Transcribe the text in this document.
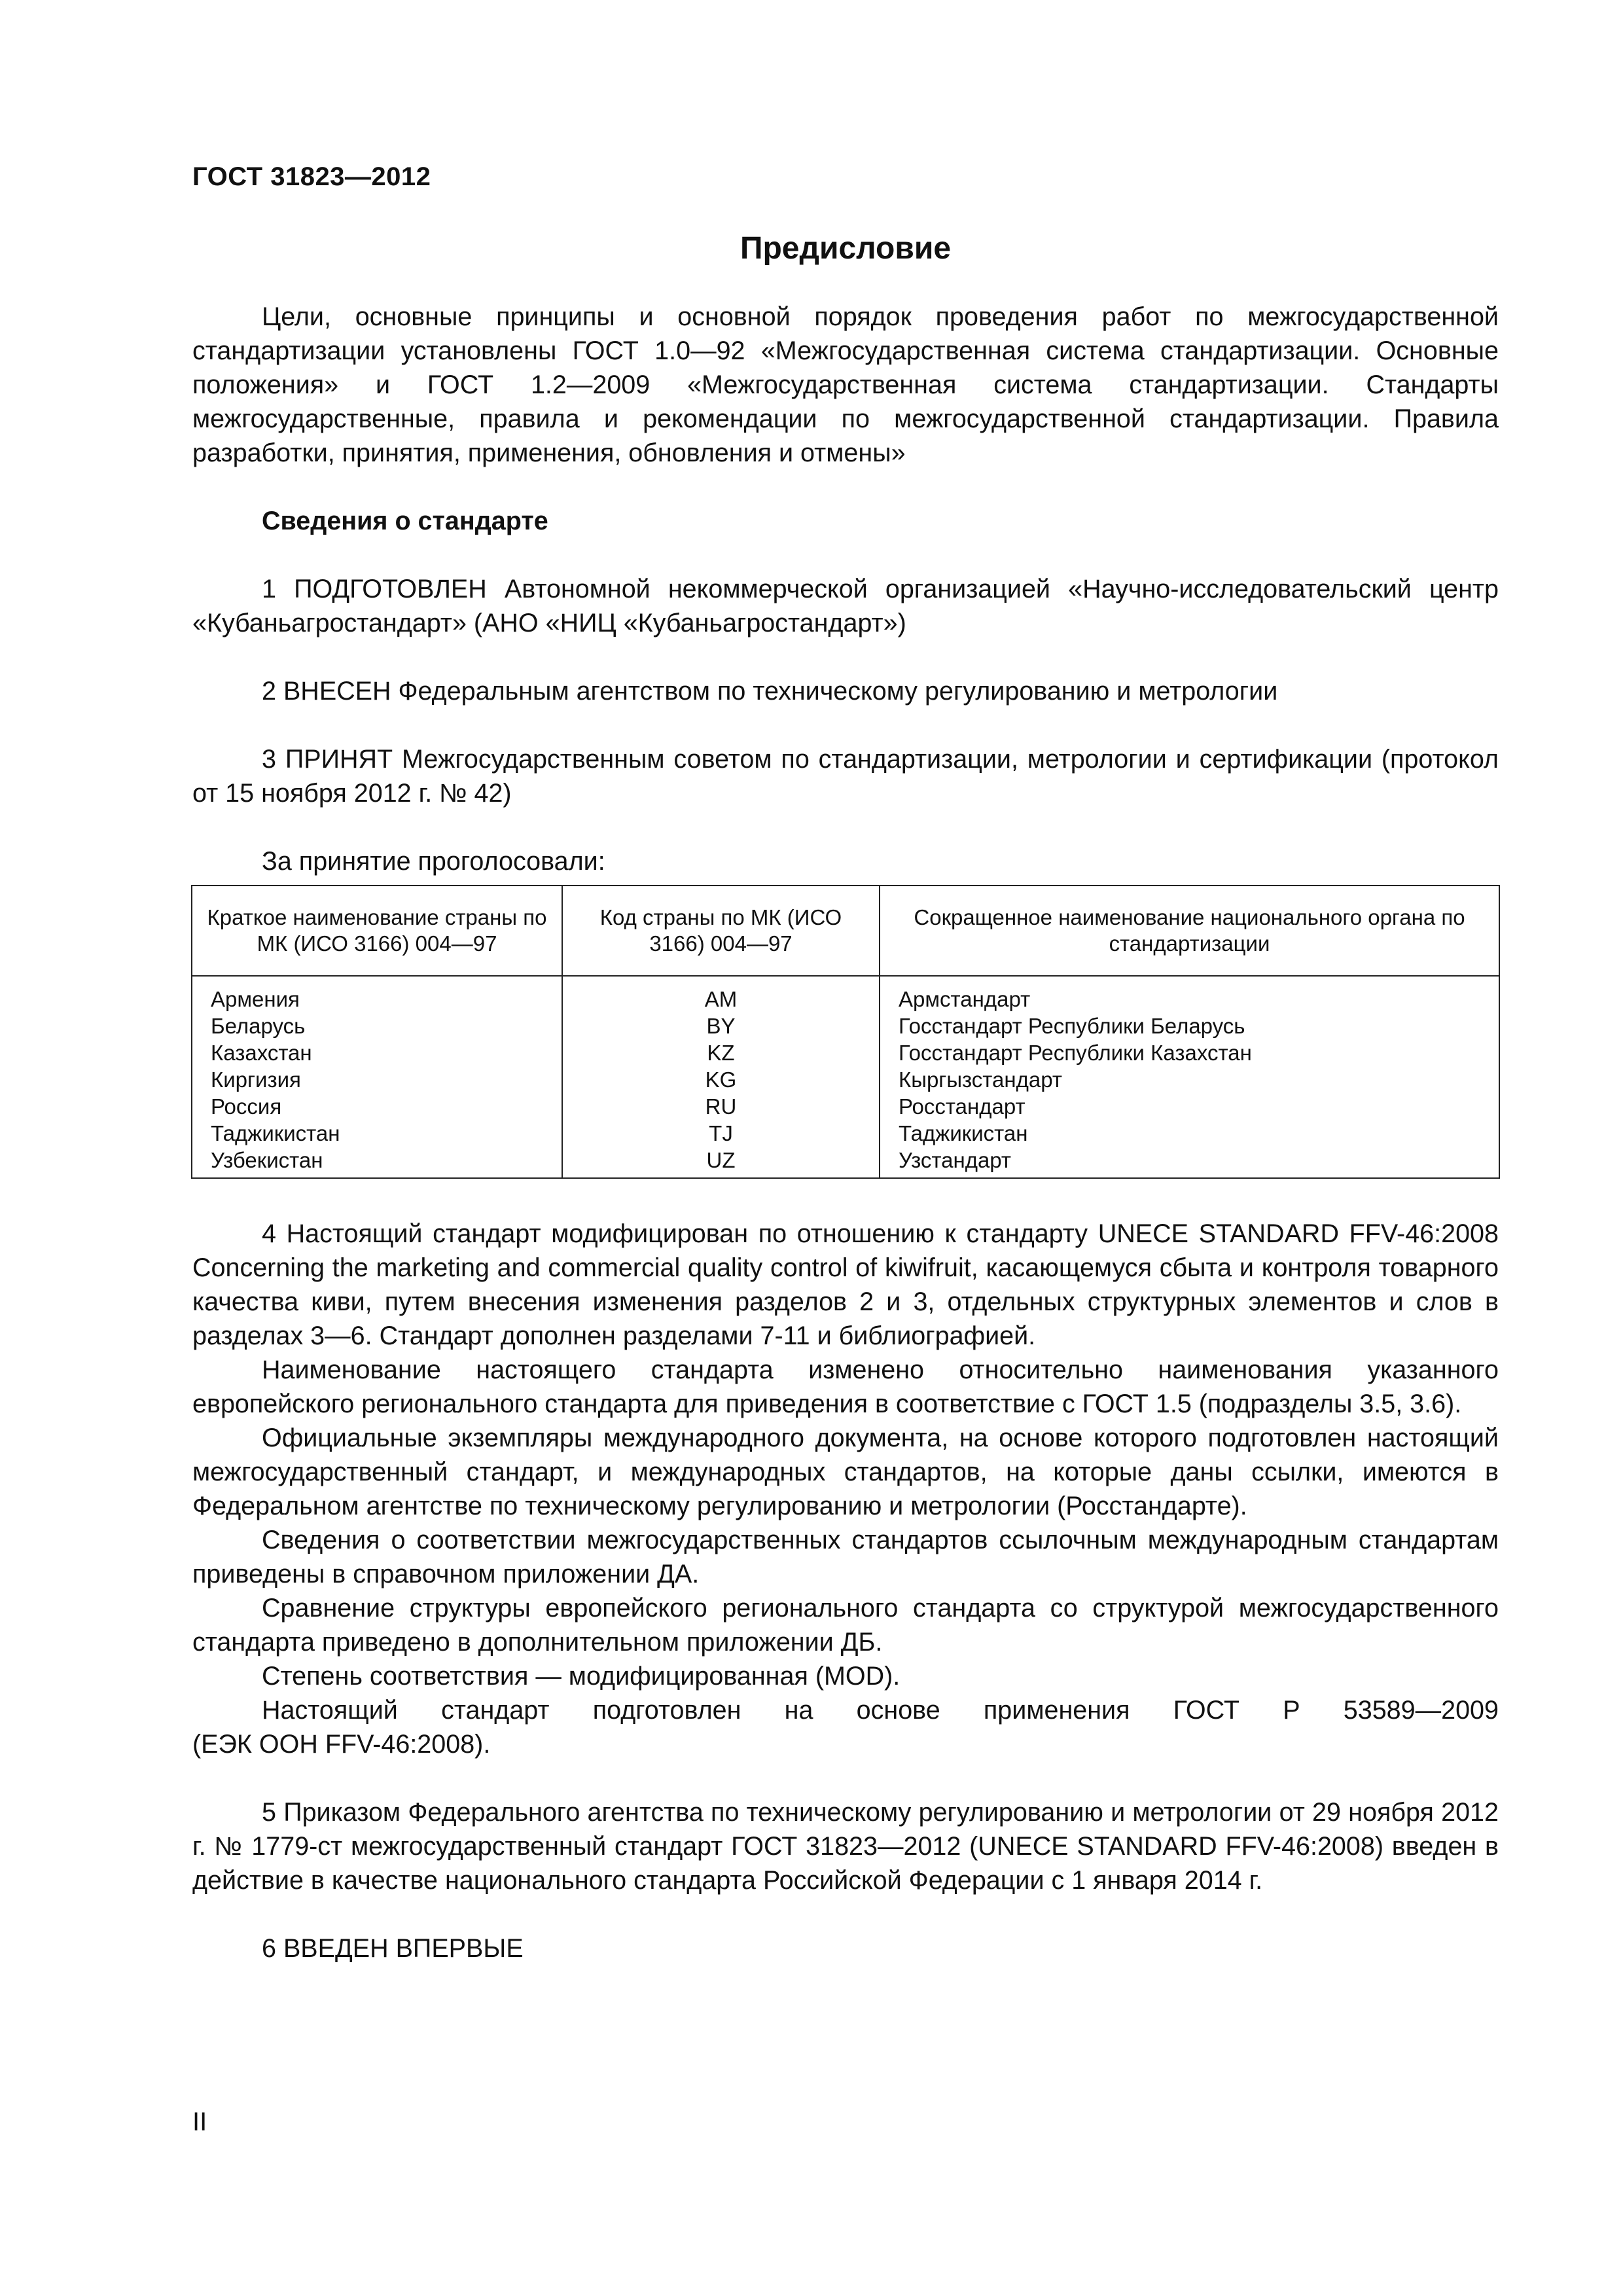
ГОСТ 31823—2012
Предисловие

Цели, основные принципы и основной порядок проведения работ по межгосударственной стандартизации установлены ГОСТ 1.0—92 «Межгосударственная система стандартизации. Основные положения» и ГОСТ 1.2—2009 «Межгосударственная система стандартизации. Стандарты межгосударственные, правила и рекомендации по межгосударственной стандартизации. Правила разработки, принятия, применения, обновления и отмены»

Сведения о стандарте

1 ПОДГОТОВЛЕН Автономной некоммерческой организацией «Научно-исследовательский центр «Кубаньагростандарт» (АНО «НИЦ «Кубаньагростандарт»)

2 ВНЕСЕН Федеральным агентством по техническому регулированию и метрологии

3 ПРИНЯТ Межгосударственным советом по стандартизации, метрологии и сертификации (протокол от 15 ноября 2012 г. № 42)

За принятие проголосовали:

Краткое наименование страны по МК (ИСО 3166) 004—97	Код страны по МК (ИСО 3166) 004—97	Сокращенное наименование национального органа по стандартизации
Армения	AM	Армстандарт
Беларусь	BY	Госстандарт Республики Беларусь
Казахстан	KZ	Госстандарт Республики Казахстан
Киргизия	KG	Кыргызстандарт
Россия	RU	Росстандарт
Таджикистан	TJ	Таджикистан
Узбекистан	UZ	Узстандарт

4 Настоящий стандарт модифицирован по отношению к стандарту UNECE STANDARD FFV-46:2008 Concerning the marketing and commercial quality control of kiwifruit, касающемуся сбыта и контроля товарного качества киви, путем внесения изменения разделов 2 и 3, отдельных структурных элементов и слов в разделах 3—6. Стандарт дополнен разделами 7-11 и библиографией.

Наименование настоящего стандарта изменено относительно наименования указанного европейского регионального стандарта для приведения в соответствие с ГОСТ 1.5 (подразделы 3.5, 3.6).

Официальные экземпляры международного документа, на основе которого подготовлен настоящий межгосударственный стандарт, и международных стандартов, на которые даны ссылки, имеются в Федеральном агентстве по техническому регулированию и метрологии (Росстандарте).

Сведения о соответствии межгосударственных стандартов ссылочным международным стандартам приведены в справочном приложении ДА.

Сравнение структуры европейского регионального стандарта со структурой межгосударственного стандарта приведено в дополнительном приложении ДБ.

Степень соответствия — модифицированная (MOD).

Настоящий стандарт подготовлен на основе применения ГОСТ Р 53589—2009

(ЕЭК ООН FFV-46:2008).

5 Приказом Федерального агентства по техническому регулированию и метрологии от 29 ноября 2012 г. № 1779-ст межгосударственный стандарт ГОСТ 31823—2012 (UNECE STANDARD FFV-46:2008) введен в действие в качестве национального стандарта Российской Федерации с 1 января 2014 г.

6 ВВЕДЕН ВПЕРВЫЕ

II
